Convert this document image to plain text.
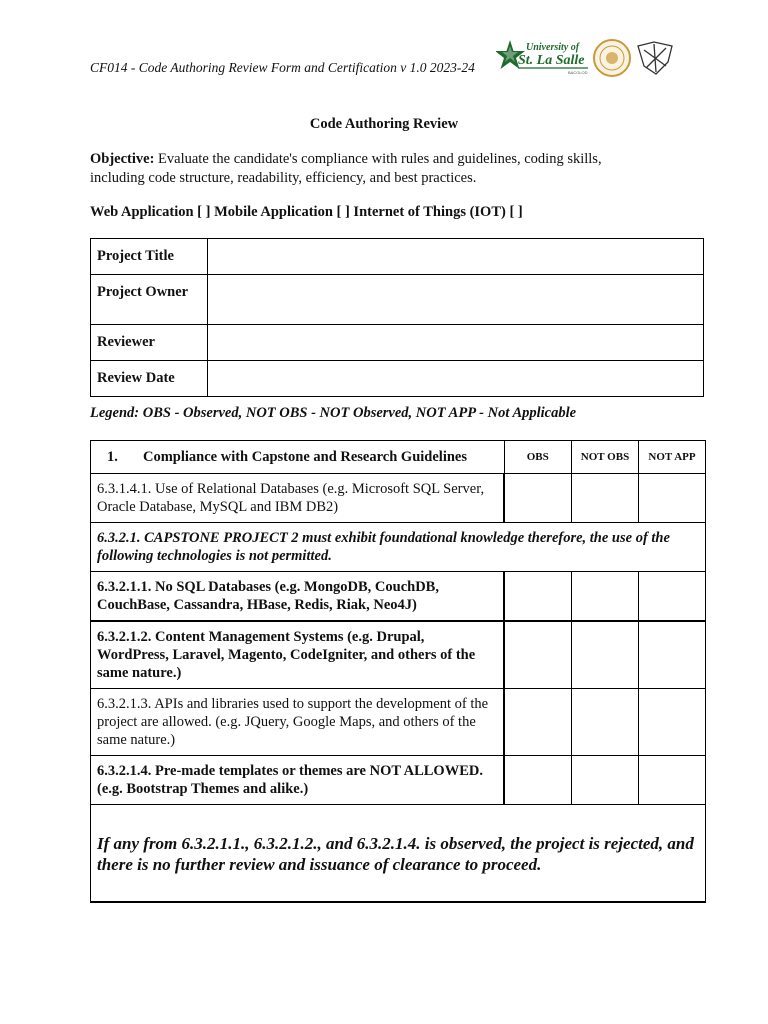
CF014 - Code Authoring Review Form and Certification v 1.0 2023-24
University of
St. La Salle
BACOLOD
Code Authoring Review
Objective: Evaluate the candidate's compliance with rules and guidelines, coding skills, including code structure, readability, efficiency, and best practices.
Web Application [ ] Mobile Application [ ] Internet of Things (IOT) [ ]
Project Title	
Project Owner	
Reviewer	
Review Date	
Legend: OBS - Observed, NOT OBS - NOT Observed, NOT APP - Not Applicable
1. Compliance with Capstone and Research Guidelines	OBS	NOT OBS	NOT APP
6.3.1.4.1. Use of Relational Databases (e.g. Microsoft SQL Server, Oracle Database, MySQL and IBM DB2)			
6.3.2.1. CAPSTONE PROJECT 2 must exhibit foundational knowledge therefore, the use of the following technologies is not permitted.			
6.3.2.1.1. No SQL Databases (e.g. MongoDB, CouchDB, CouchBase, Cassandra, HBase, Redis, Riak, Neo4J)			
6.3.2.1.2. Content Management Systems (e.g. Drupal, WordPress, Laravel, Magento, CodeIgniter, and others of the same nature.)			
6.3.2.1.3. APIs and libraries used to support the development of the project are allowed. (e.g. JQuery, Google Maps, and others of the same nature.)			
6.3.2.1.4. Pre-made templates or themes are NOT ALLOWED. (e.g. Bootstrap Themes and alike.)			
If any from 6.3.2.1.1., 6.3.2.1.2., and 6.3.2.1.4. is observed, the project is rejected, and there is no further review and issuance of clearance to proceed.			
